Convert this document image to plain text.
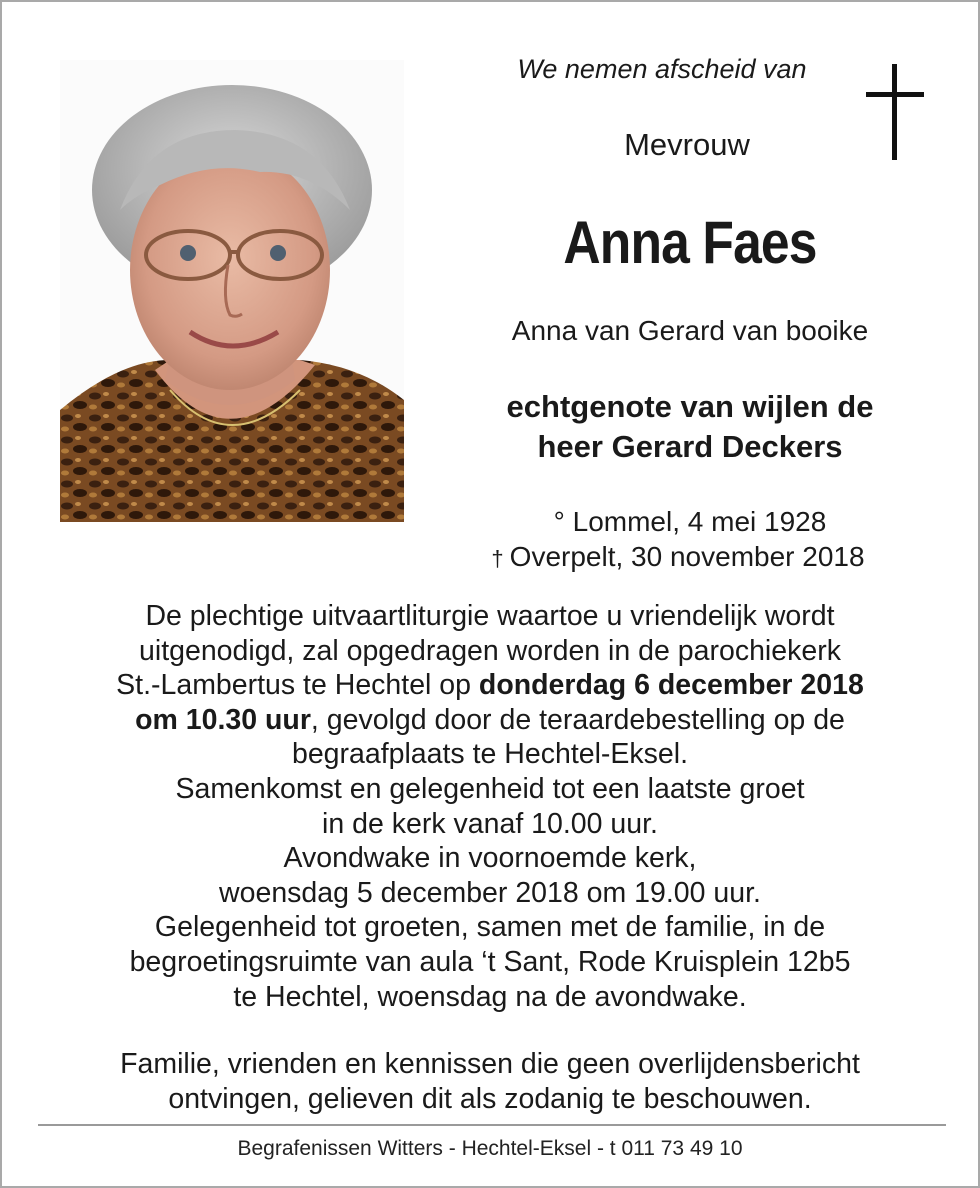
We nemen afscheid van
Mevrouw
Anna Faes
Anna van Gerard van booike
echtgenote van wijlen de
heer Gerard Deckers
° Lommel, 4 mei 1928
† Overpelt, 30 november 2018

De plechtige uitvaartliturgie waartoe u vriendelijk wordt

uitgenodigd, zal opgedragen worden in de parochiekerk

St.-Lambertus te Hechtel op donderdag 6 december 2018

om 10.30 uur, gevolgd door de teraardebestelling op de

begraafplaats te Hechtel-Eksel.

Samenkomst en gelegenheid tot een laatste groet

in de kerk vanaf 10.00 uur.

Avondwake in voornoemde kerk,

woensdag 5 december 2018 om 19.00 uur.

Gelegenheid tot groeten, samen met de familie, in de

begroetingsruimte van aula ‘t Sant, Rode Kruisplein 12b5

te Hechtel, woensdag na de avondwake.

Familie, vrienden en kennissen die geen overlijdensbericht

ontvingen, gelieven dit als zodanig te beschouwen.

Begrafenissen Witters - Hechtel-Eksel - t 011 73 49 10
